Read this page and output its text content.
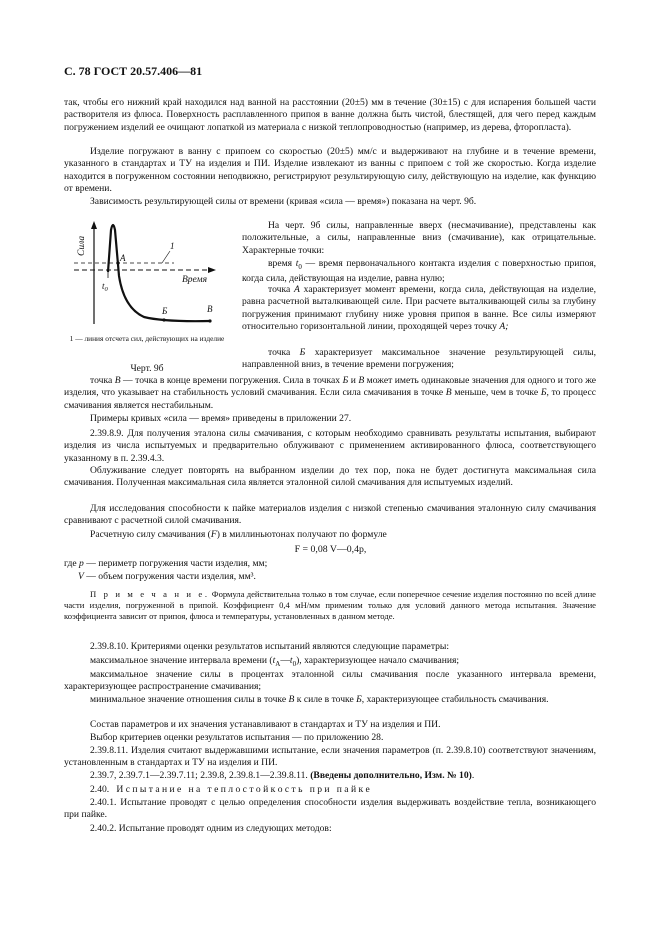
С. 78 ГОСТ 20.57.406—81

так, чтобы его нижний край находился над ванной на расстоянии (20±5) мм в течение (30±15) с для испарения большей части растворителя из флюса. Поверхность расплавленного припоя в ванне должна быть чистой, блестящей, для чего перед каждым погружением изделий ее очищают лопаткой из материала с низкой теплопроводностью (например, из дерева, фторопласта).

Изделие погружают в ванну с припоем со скоростью (20±5) мм/с и выдерживают на глубине и в течение времени, указанного в стандартах и ТУ на изделия и ПИ. Изделие извлекают из ванны с припоем с той же скоростью. Когда изделие находится в погруженном состоянии неподвижно, регистрируют результирующую силу, действующую на изделие, как функцию от времени.

Зависимость результирующей силы от времени (кривая «сила — время») показана на черт. 9б.

Сила
Время
1
А
$t_0$
Б	В

1 — линия отсчета сил, действующих на изделие

Черт. 9б

На черт. 9б силы, направленные вверх (несмачивание), представлены как положительные, а силы, направленные вниз (смачивание), как отрицательные. Характерные точки:

время $t_0$ — время первоначального контакта изделия с поверхностью припоя, когда сила, действующая на изделие, равна нулю;

точка А характеризует момент времени, когда сила, действующая на изделие, равна расчетной выталкивающей силе. При расчете выталкивающей силы за глубину погружения принимают глубину ниже уровня припоя в ванне. Все силы измеряют относительно горизонтальной линии, проходящей через точку А;

точка Б характеризует максимальное значение результирующей силы, направленной вниз, в течение времени погружения;

точка В — точка в конце времени погружения. Сила в точках Б и В может иметь одинаковые значения для одного и того же изделия, что указывает на стабильность условий смачивания. Если сила смачивания в точке В меньше, чем в точке Б, то процесс смачивания является нестабильным.

Примеры кривых «сила — время» приведены в приложении 27.

2.39.8.9. Для получения эталона силы смачивания, с которым необходимо сравнивать результаты испытания, выбирают изделия из числа испытуемых и предварительно облуживают с применением активированного флюса, соответствующего указанному в п. 2.39.4.3.

Облуживание следует повторять на выбранном изделии до тех пор, пока не будет достигнута максимальная сила смачивания. Полученная максимальная сила является эталонной силой смачивания для испытуемых изделий.

Для исследования способности к пайке материалов изделия с низкой степенью смачивания эталонную силу смачивания сравнивают с расчетной силой смачивания.

Расчетную силу смачивания (F) в миллиньютонах получают по формуле

F = 0,08 V—0,4p,

где p — периметр погружения части изделия, мм;

V — объем погружения части изделия, мм³.

П р и м е ч а н и е. Формула действительна только в том случае, если поперечное сечение изделия постоянно по всей длине части изделия, погруженной в припой. Коэффициент 0,4 мН/мм применим только для условий данного метода испытания. Значение коэффициента зависит от припоя, флюса и температуры, установленных в данном методе.

2.39.8.10. Критериями оценки результатов испытаний являются следующие параметры:

максимальное значение интервала времени $(t_А—t_0)$, характеризующее начало смачивания;

максимальное значение силы в процентах эталонной силы смачивания после указанного интервала времени, характеризующее распространение смачивания;

минимальное значение отношения силы в точке В к силе в точке Б, характеризующее стабильность смачивания.

Состав параметров и их значения устанавливают в стандартах и ТУ на изделия и ПИ.

Выбор критериев оценки результатов испытания — по приложению 28.

2.39.8.11. Изделия считают выдержавшими испытание, если значения параметров (п. 2.39.8.10) соответствуют значениям, установленным в стандартах и ТУ на изделия и ПИ.

2.39.7, 2.39.7.1—2.39.7.11; 2.39.8, 2.39.8.1—2.39.8.11. (Введены дополнительно, Изм. № 10).

2.40.   И с п ы т а н и е   н а   т е п л о с т о й к о с т ь   п р и   п а й к е

2.40.1. Испытание проводят с целью определения способности изделия выдерживать воздействие тепла, возникающего при пайке.

2.40.2. Испытание проводят одним из следующих методов:
